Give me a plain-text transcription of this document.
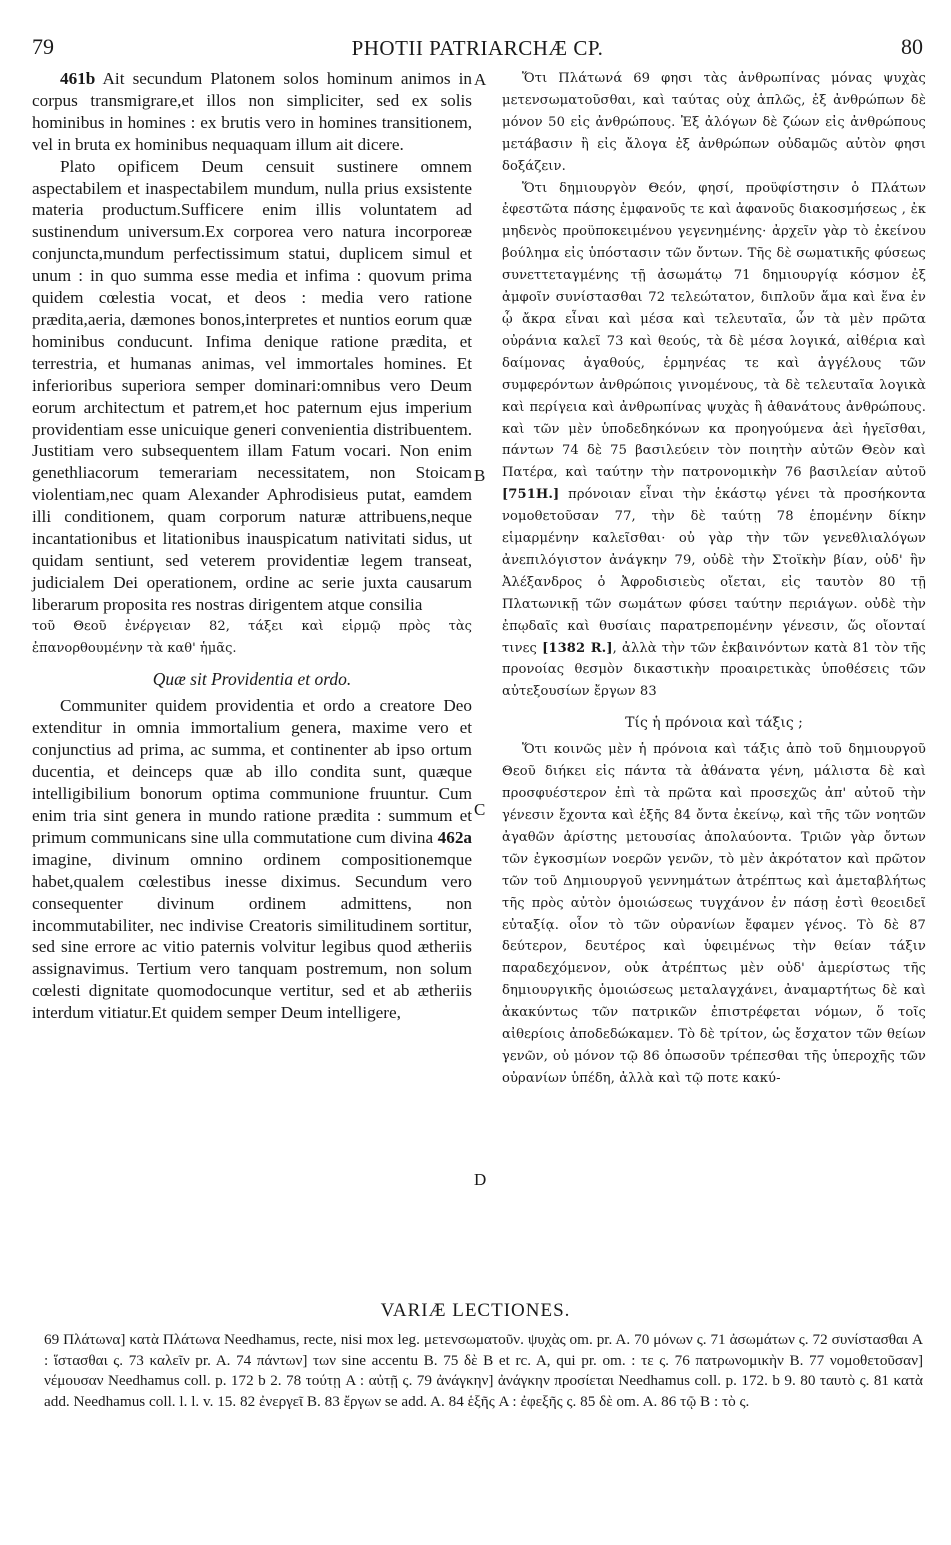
79	PHOTII PATRIARCHÆ CP.	80

461b Ait secundum Platonem solos hominum animos in corpus transmigrare,et illos non simpliciter, sed ex solis hominibus in homines : ex brutis vero in homines transitionem, vel in bruta ex hominibus nequaquam illum ait dicere.

Plato opificem Deum censuit sustinere omnem aspectabilem et inaspectabilem mundum, nulla prius exsistente materia productum.Sufficere enim illis voluntatem ad sustinendum universum.Ex corporea vero natura incorporeæ conjuncta,mundum perfectissimum statui, duplicem simul et unum : in quo summa esse media et infima : quovum prima quidem cœlestia vocat, et deos : media vero ratione prædita,aeria, dæmones bonos,interpretes et nuntios eorum quæ hominibus conducunt. Infima denique ratione prædita, et terrestria, et humanas animas, vel immortales homines. Et inferioribus superiora semper dominari:omnibus vero Deum eorum architectum et patrem,et hoc paternum ejus imperium providentiam esse unicuique generi convenientia distribuentem. Justitiam vero subsequentem illam Fatum vocari. Non enim genethliacorum temerariam necessitatem, non Stoicam violentiam,nec quam Alexander Aphrodisieus putat, eamdem illi conditionem, quam corporum naturæ attribuens,neque incantationibus et litationibus inauspicatum nativitati sidus, ut quidam sentiunt, sed veterem providentiæ legem transeat, judicialem Dei operationem, ordine ac serie juxta causarum liberarum proposita res nostras dirigentem atque consilia

τοῦ Θεοῦ ἐνέργειαν 82, τάξει καὶ εἱρμῷ πρὸς τὰς ἐπανορθουμένην τὰ καθ' ἡμᾶς.

Quæ sit Providentia et ordo.

Communiter quidem providentia et ordo a creatore Deo extenditur in omnia immortalium genera, maxime vero et conjunctius ad prima, ac summa, et continenter ab ipso ortum ducentia, et deinceps quæ ab illo condita sunt, quæque intelligibilium bonorum optima communione fruuntur. Cum enim tria sint genera in mundo ratione prædita : summum et primum communicans sine ulla commutatione cum divina 462a imagine, divinum omnino ordinem compositionemque habet,qualem cœlestibus inesse diximus. Secundum vero consequenter divinum ordinem admittens, non incommutabiliter, nec indivise Creatoris similitudinem sortitur, sed sine errore ac vitio paternis volvitur legibus quod ætheriis assignavimus. Tertium vero tanquam postremum, non solum cœlesti dignitate quomodocunque vertitur, sed et ab ætheriis interdum vitiatur.Et quidem semper Deum intelligere,

A
B
C
D

Ὅτι Πλάτωνά 69 φησι τὰς ἀνθρωπίνας μόνας ψυχὰς μετενσωματοῦσθαι, καὶ ταύτας οὐχ ἁπλῶς, ἐξ ἀνθρώπων δὲ μόνον 50 εἰς ἀνθρώπους. Ἐξ ἀλόγων δὲ ζώων εἰς ἀνθρώπους μετάβασιν ἢ εἰς ἄλογα ἐξ ἀνθρώπων οὐδαμῶς αὐτὸν φησι δοξάζειν.

Ὅτι δημιουργὸν Θεόν, φησί, προϋφίστησιν ὁ Πλάτων ἐφεστῶτα πάσης ἐμφανοῦς τε καὶ ἀφανοῦς διακοσμήσεως , ἐκ μηδενὸς προϋποκειμένου γεγενημένης· ἀρχεῖν γὰρ τὸ ἐκείνου βούλημα εἰς ὑπόστασιν τῶν ὄντων. Τῆς δὲ σωματικῆς φύσεως συνεττεταγμένης τῇ ἀσωμάτῳ 71 δημιουργίᾳ κόσμον ἐξ ἀμφοῖν συνίστασθαι 72 τελεώτατον, διπλοῦν ἅμα καὶ ἕνα ἐν ᾧ ἄκρα εἶναι καὶ μέσα καὶ τελευταῖα, ὧν τὰ μὲν πρῶτα οὐράνια καλεῖ 73 καὶ θεούς, τὰ δὲ μέσα λογικά, αἰθέρια καὶ δαίμονας ἀγαθούς, ἑρμηνέας τε καὶ ἀγγέλους τῶν συμφερόντων ἀνθρώποις γινομένους, τὰ δὲ τελευταῖα λογικὰ καὶ περίγεια καὶ ἀνθρωπίνας ψυχὰς ἢ ἀθανάτους ἀνθρώπους. καὶ τῶν μὲν ὑποδεδηκόνων κα προηγούμενα ἀεὶ ἡγεῖσθαι, πάντων 74 δὲ 75 βασιλεύειν τὸν ποιητὴν αὐτῶν Θεὸν καὶ Πατέρα, καὶ ταύτην τὴν πατρονομικὴν 76 βασιλείαν αὐτοῦ [751H.] πρόνοιαν εἶναι τὴν ἑκάστῳ γένει τὰ προσήκοντα νομοθετοῦσαν 77, τὴν δὲ ταύτῃ 78 ἑπομένην δίκην εἱμαρμένην καλεῖσθαι· οὐ γὰρ τὴν τῶν γενεθλιαλόγων ἀνεπιλόγιστον ἀνάγκην 79, οὐδὲ τὴν Στοϊκὴν βίαν, οὐδ' ἣν Ἀλέξανδρος ὁ Ἀφροδισιεὺς οἴεται, εἰς ταυτὸν 80 τῇ Πλατωνικῇ τῶν σωμάτων φύσει ταύτην περιάγων. οὐδὲ τὴν ἐπῳδαῖς καὶ θυσίαις παρατρεπομένην γένεσιν, ὥς οἴονταί τινες [1382 R.], ἀλλὰ τὴν τῶν ἐκβαινόντων κατὰ 81 τὸν τῆς προνοίας θεσμὸν δικαστικὴν προαιρετικὰς ὑποθέσεις τῶν αὐτεξουσίων ἔργων 83

Τίς ἡ πρόνοια καὶ τάξις ;

Ὅτι κοινῶς μὲν ἡ πρόνοια καὶ τάξις ἀπὸ τοῦ δημιουργοῦ Θεοῦ διήκει εἰς πάντα τὰ ἀθάνατα γένη, μάλιστα δὲ καὶ προσφυέστερον ἐπὶ τὰ πρῶτα καὶ προσεχῶς ἀπ' αὐτοῦ τὴν γένεσιν ἔχοντα καὶ ἑξῆς 84 ὄντα ἐκείνῳ, καὶ τῆς τῶν νοητῶν ἀγαθῶν ἀρίστης μετουσίας ἀπολαύοντα. Τριῶν γὰρ ὄντων τῶν ἐγκοσμίων νοερῶν γενῶν, τὸ μὲν ἀκρότατον καὶ πρῶτον τῶν τοῦ Δημιουργοῦ γεννημάτων ἀτρέπτως καὶ ἀμεταβλήτως τῆς πρὸς αὐτὸν ὁμοιώσεως τυγχάνον ἐν πάσῃ ἐστὶ θεοειδεῖ εὐταξίᾳ. οἷον τὸ τῶν οὐρανίων ἔφαμεν γένος. Τὸ δὲ 87 δεύτερον, δευτέρος καὶ ὑφειμένως τὴν θείαν τάξιν παραδεχόμενον, οὐκ ἀτρέπτως μὲν οὐδ' ἀμερίστως τῆς δημιουργικῆς ὁμοιώσεως μεταλαγχάνει, ἀναμαρτήτως δὲ καὶ ἀκακύντως τῶν πατρικῶν ἐπιστρέφεται νόμων, ὅ τοῖς αἰθερίοις ἀποδεδώκαμεν. Τὸ δὲ τρίτον, ὡς ἔσχατον τῶν θείων γενῶν, οὐ μόνον τῷ 86 ὁπωσοῦν τρέπεσθαι τῆς ὑπεροχῆς τῶν οὐρανίων ὑπέδη, ἀλλὰ καὶ τῷ ποτε κακύ-

VARIÆ LECTIONES.
69 Πλάτωνα] κατὰ Πλάτωνα Needhamus, recte, nisi mox leg. μετενσωματοῦν. ψυχὰς om. pr. A. 70 μόνων ς. 71 ἀσωμάτων ς. 72 συνίστασθαι A : ἵστασθαι ς. 73 καλεῖν pr. A. 74 πάντων] των sine accentu B. 75 δὲ B et rc. A, qui pr. om. : τε ς. 76 πατρωνομικὴν B. 77 νομοθετοῦσαν] νέμουσαν Needhamus coll. p. 172 b 2. 78 τούτῃ A : αὐτῇ ς. 79 ἀνάγκην] ἀνάγκην προσίεται Needhamus coll. p. 172. b 9. 80 ταυτὸ ς. 81 κατὰ add. Needhamus coll. l. l. v. 15. 82 ἐνεργεῖ B. 83 ἔργων se add. A. 84 ἑξῆς A : ἐφεξῆς ς. 85 δὲ om. A. 86 τῷ B : τὸ ς.
